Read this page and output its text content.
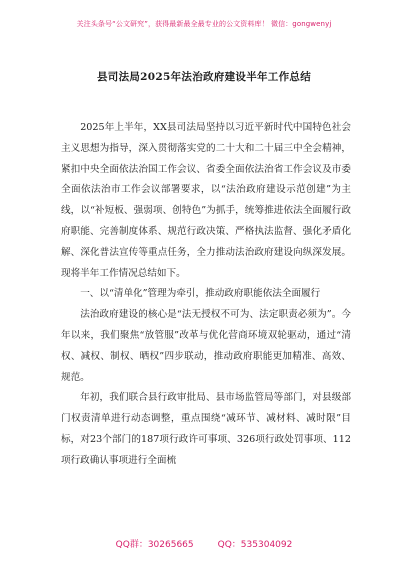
关注头条号“公文研究”，获得最新最全最专业的公文资料库！ 微信：gongwenyj
县司法局2025年法治政府建设半年工作总结

2025年上半年，XX县司法局坚持以习近平新时代中国特色社会主义思想为指导，深入贯彻落实党的二十大和二十届三中全会精神，紧扣中央全面依法治国工作会议、省委全面依法治省工作会议及市委全面依法治市工作会议部署要求，以“法治政府建设示范创建”为主线，以“补短板、强弱项、创特色”为抓手，统筹推进依法全面履行政府职能、完善制度体系、规范行政决策、严格执法监督、强化矛盾化解、深化普法宣传等重点任务，全力推动法治政府建设向纵深发展。现将半年工作情况总结如下。

一、以“清单化”管理为牵引，推动政府职能依法全面履行

法治政府建设的核心是“法无授权不可为、法定职责必须为”。今年以来，我们聚焦“放管服”改革与优化营商环境双轮驱动，通过“清权、减权、制权、晒权”四步联动，推动政府职能更加精准、高效、规范。

年初，我们联合县行政审批局、县市场监管局等部门，对县级部门权责清单进行动态调整，重点围绕“减环节、减材料、减时限”目标，对23个部门的187项行政许可事项、326项行政处罚事项、112项行政确认事项进行全面梳

QQ群：30265665	QQ：535304092
